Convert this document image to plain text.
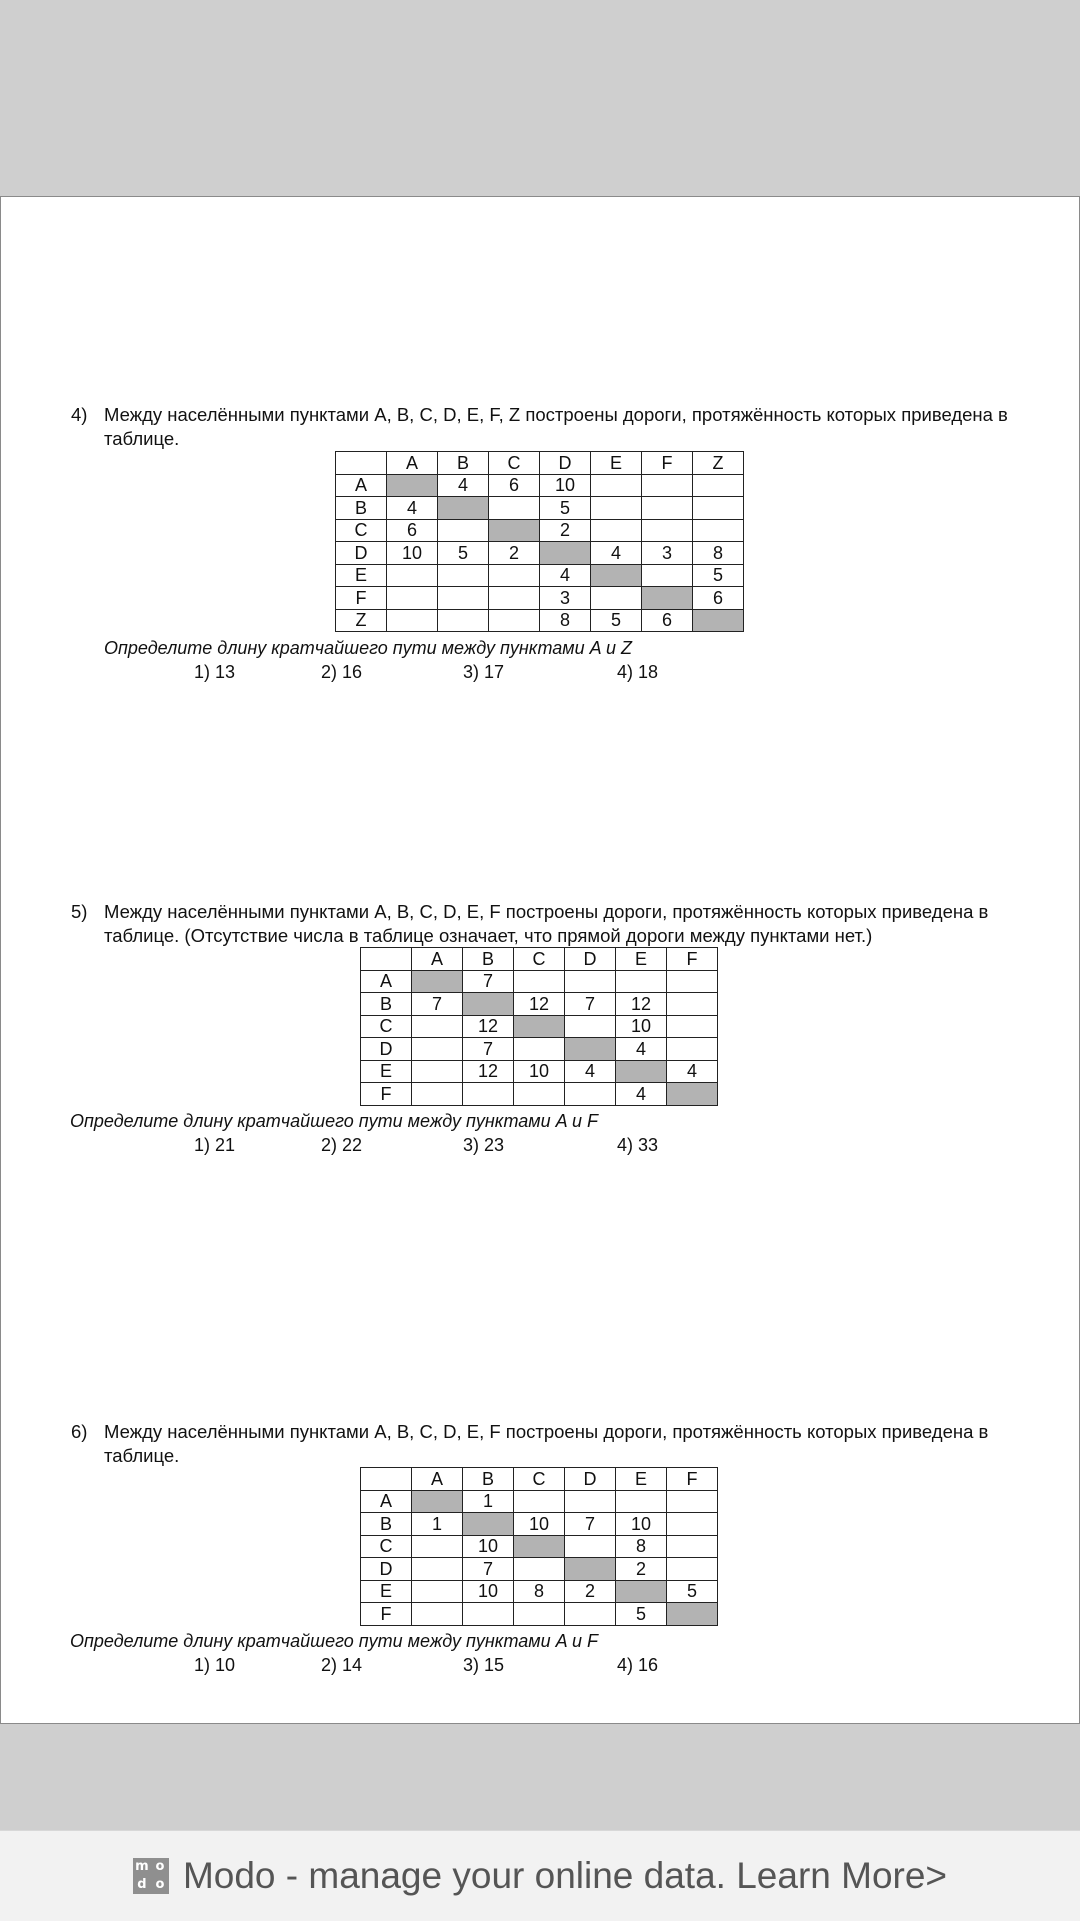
4) Между населёнными пунктами A, B, C, D, E, F, Z построены дороги, протяжённость которых приведена в таблице.
	A	B	C	D	E	F	Z
A		4	6	10			
B	4			5			
C	6			2			
D	10	5	2		4	3	8
E				4			5
F				3			6
Z				8	5	6	
Определите длину кратчайшего пути между пунктами A и Z
1) 13	2) 16	3) 17	4) 18
5) Между населёнными пунктами A, B, C, D, E, F построены дороги, протяжённость которых приведена в таблице. (Отсутствие числа в таблице означает, что прямой дороги между пунктами нет.)
	A	B	C	D	E	F
A		7				
B	7		12	7	12	
C		12			10	
D		7			4	
E		12	10	4		4
F					4	
Определите длину кратчайшего пути между пунктами A и F
1) 21	2) 22	3) 23	4) 33
6) Между населёнными пунктами A, B, C, D, E, F построены дороги, протяжённость которых приведена в таблице.
	A	B	C	D	E	F
A		1				
B	1		10	7	10	
C		10			8	
D		7			2	
E		10	8	2		5
F					5	
Определите длину кратчайшего пути между пунктами A и F
1) 10	2) 14	3) 15	4) 16
m o
d o Modo - manage your online data. Learn More>
